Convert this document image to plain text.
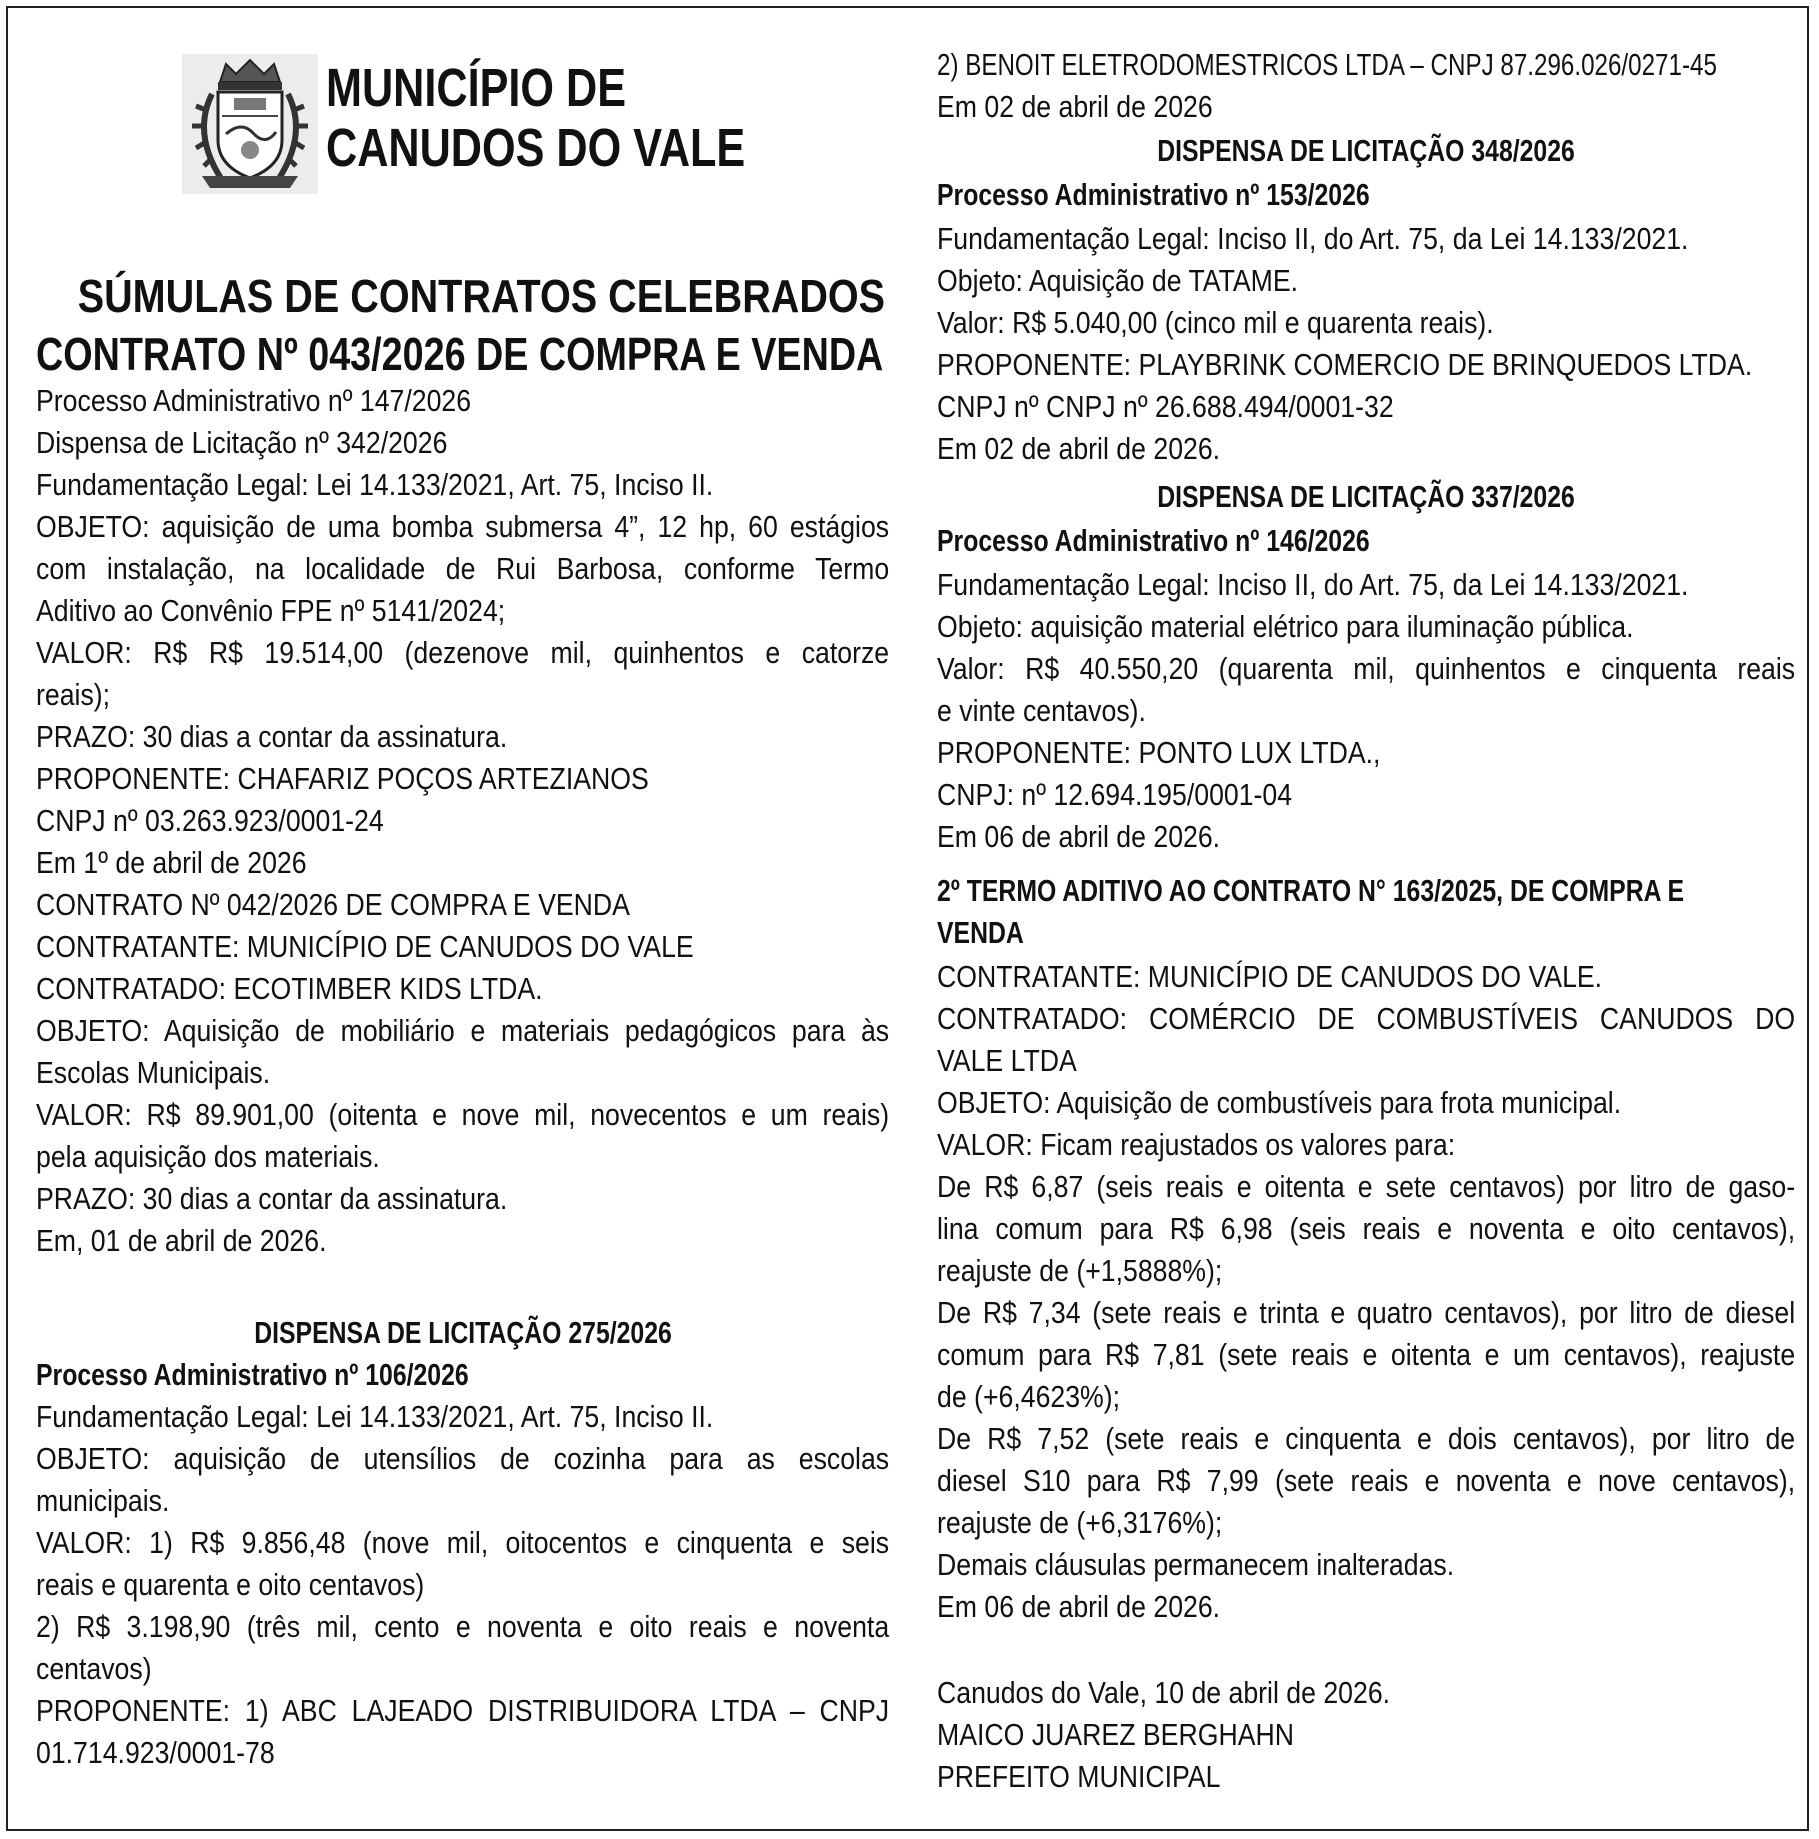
MUNICÍPIO DE
CANUDOS DO VALE
SÚMULAS DE CONTRATOS CELEBRADOS
CONTRATO Nº 043/2026 DE COMPRA E VENDA
Processo Administrativo nº 147/2026
Dispensa de Licitação nº 342/2026
Fundamentação Legal: Lei 14.133/2021, Art. 75, Inciso II.
OBJETO: aquisição de uma bomba submersa 4”, 12 hp, 60 estágios
com instalação, na localidade de Rui Barbosa, conforme Termo
Aditivo ao Convênio FPE nº 5141/2024;
VALOR: R$ R$ 19.514,00 (dezenove mil, quinhentos e catorze
reais);
PRAZO: 30 dias a contar da assinatura.
PROPONENTE: CHAFARIZ POÇOS ARTEZIANOS
CNPJ nº 03.263.923/0001-24
Em 1º de abril de 2026
CONTRATO Nº 042/2026 DE COMPRA E VENDA
CONTRATANTE: MUNICÍPIO DE CANUDOS DO VALE
CONTRATADO: ECOTIMBER KIDS LTDA.
OBJETO: Aquisição de mobiliário e materiais pedagógicos para às
Escolas Municipais.
VALOR: R$ 89.901,00 (oitenta e nove mil, novecentos e um reais)
pela aquisição dos materiais.
PRAZO: 30 dias a contar da assinatura.
Em, 01 de abril de 2026.
DISPENSA DE LICITAÇÃO 275/2026
Processo Administrativo nº 106/2026
Fundamentação Legal: Lei 14.133/2021, Art. 75, Inciso II.
OBJETO: aquisição de utensílios de cozinha para as escolas
municipais.
VALOR: 1) R$ 9.856,48 (nove mil, oitocentos e cinquenta e seis
reais e quarenta e oito centavos)
2) R$ 3.198,90 (três mil, cento e noventa e oito reais e noventa
centavos)
PROPONENTE: 1) ABC LAJEADO DISTRIBUIDORA LTDA – CNPJ
01.714.923/0001-78
2) BENOIT ELETRODOMESTRICOS LTDA – CNPJ 87.296.026/0271-45
Em 02 de abril de 2026
DISPENSA DE LICITAÇÃO 348/2026
Processo Administrativo nº 153/2026
Fundamentação Legal: Inciso II, do Art. 75, da Lei 14.133/2021.
Objeto: Aquisição de TATAME.
Valor: R$ 5.040,00 (cinco mil e quarenta reais).
PROPONENTE: PLAYBRINK COMERCIO DE BRINQUEDOS LTDA.
CNPJ nº CNPJ nº 26.688.494/0001-32
Em 02 de abril de 2026.
DISPENSA DE LICITAÇÃO 337/2026
Processo Administrativo nº 146/2026
Fundamentação Legal: Inciso II, do Art. 75, da Lei 14.133/2021.
Objeto: aquisição material elétrico para iluminação pública.
Valor: R$ 40.550,20 (quarenta mil, quinhentos e cinquenta reais
e vinte centavos).
PROPONENTE: PONTO LUX LTDA.,
CNPJ: nº 12.694.195/0001-04
Em 06 de abril de 2026.
2º TERMO ADITIVO AO CONTRATO N° 163/2025, DE COMPRA E
VENDA
CONTRATANTE: MUNICÍPIO DE CANUDOS DO VALE.
CONTRATADO: COMÉRCIO DE COMBUSTÍVEIS CANUDOS DO
VALE LTDA
OBJETO: Aquisição de combustíveis para frota municipal.
VALOR: Ficam reajustados os valores para:
De R$ 6,87 (seis reais e oitenta e sete centavos) por litro de gaso-
lina comum para R$ 6,98 (seis reais e noventa e oito centavos),
reajuste de (+1,5888%);
De R$ 7,34 (sete reais e trinta e quatro centavos), por litro de diesel
comum para R$ 7,81 (sete reais e oitenta e um centavos), reajuste
de (+6,4623%);
De R$ 7,52 (sete reais e cinquenta e dois centavos), por litro de
diesel S10 para R$ 7,99 (sete reais e noventa e nove centavos),
reajuste de (+6,3176%);
Demais cláusulas permanecem inalteradas.
Em 06 de abril de 2026.
Canudos do Vale, 10 de abril de 2026.
MAICO JUAREZ BERGHAHN
PREFEITO MUNICIPAL
